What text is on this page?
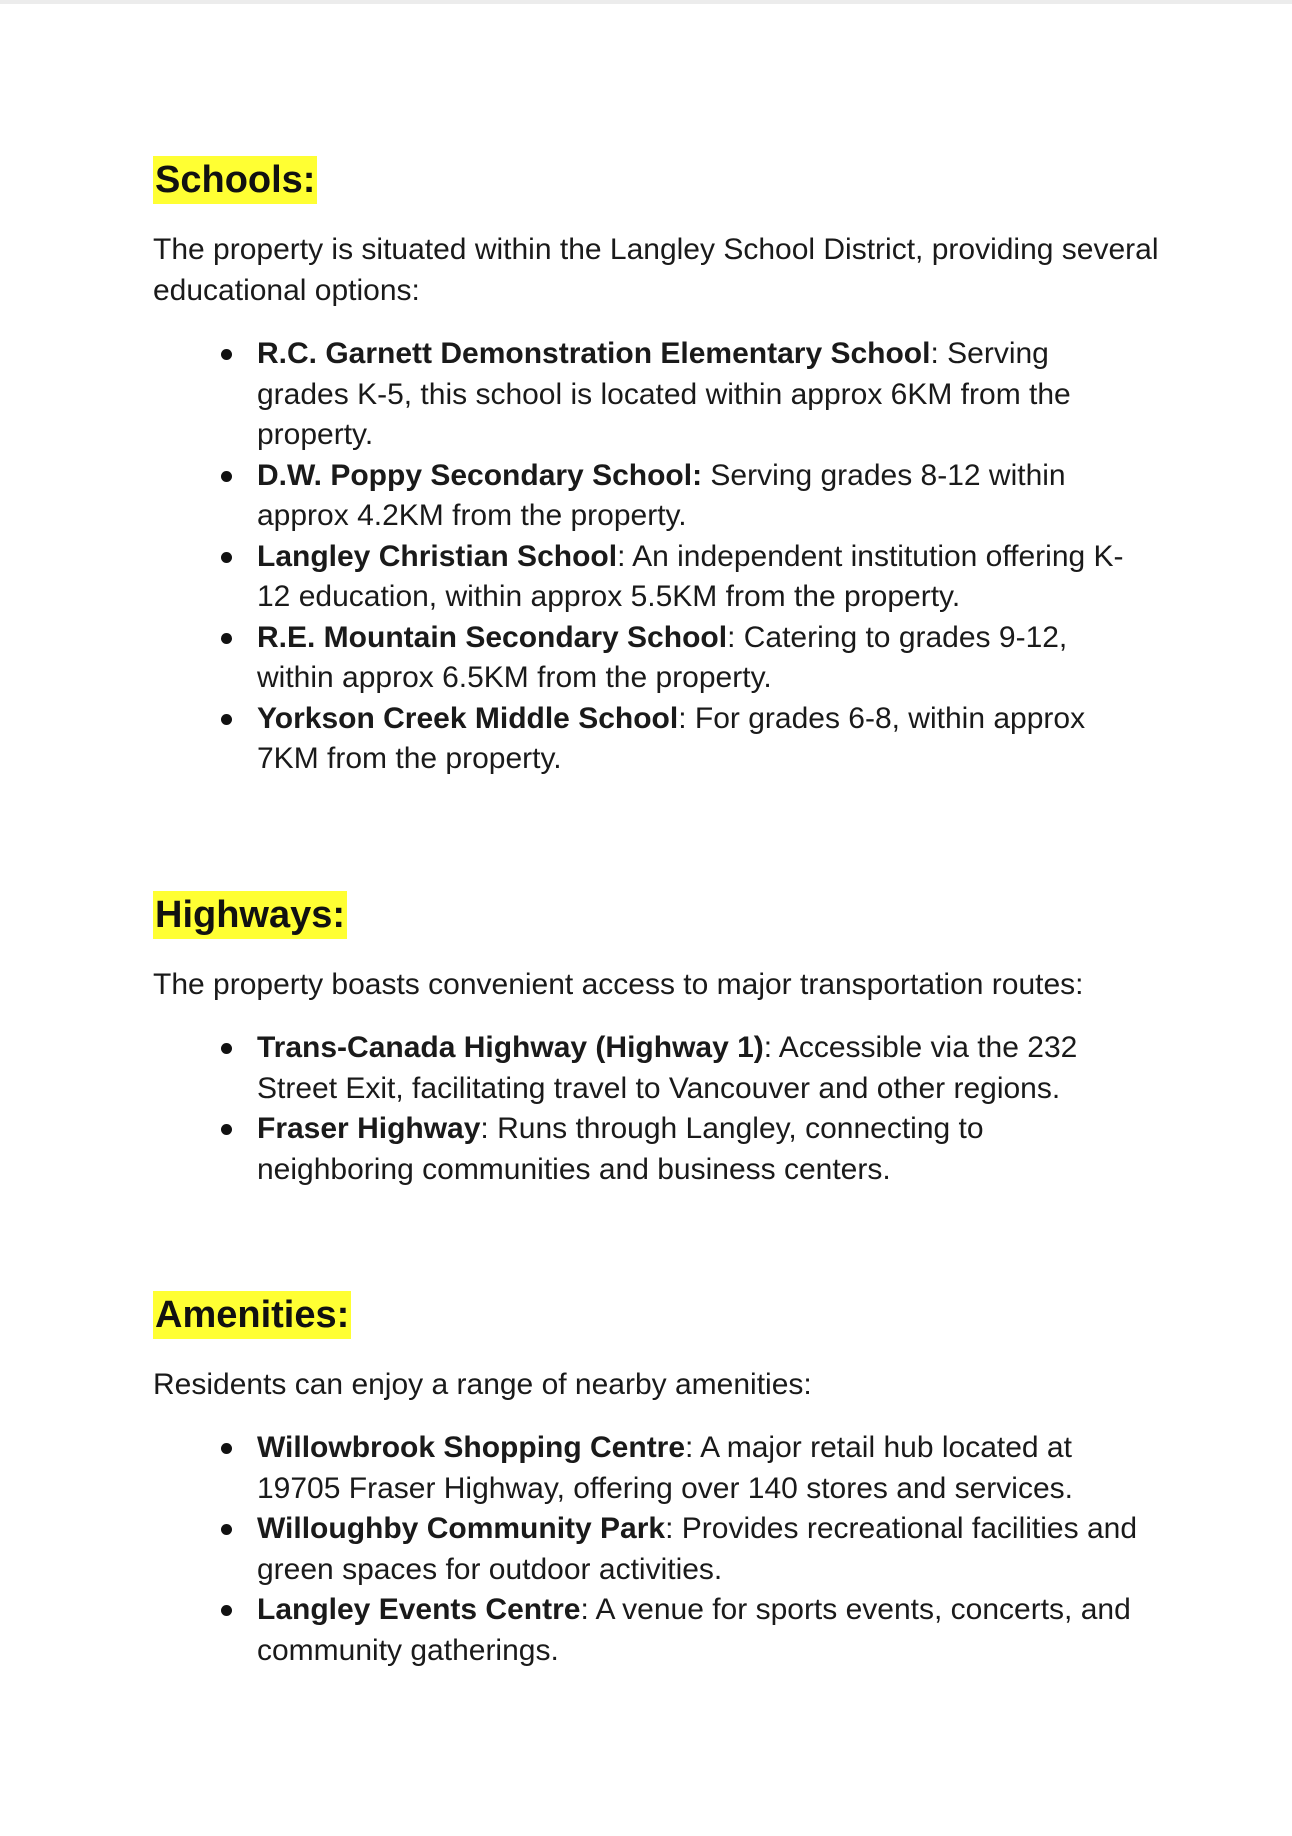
Schools:

The property is situated within the Langley School District, providing several educational options:

R.C. Garnett Demonstration Elementary School: Serving grades K-5, this school is located within approx 6KM from the property.
D.W. Poppy Secondary School: Serving grades 8-12 within approx 4.2KM from the property.
Langley Christian School: An independent institution offering K-12 education, within approx 5.5KM from the property.
R.E. Mountain Secondary School: Catering to grades 9-12, within approx 6.5KM from the property.
Yorkson Creek Middle School: For grades 6-8, within approx 7KM from the property.
Highways:

The property boasts convenient access to major transportation routes:

Trans-Canada Highway (Highway 1): Accessible via the 232 Street Exit, facilitating travel to Vancouver and other regions.
Fraser Highway: Runs through Langley, connecting to neighboring communities and business centers.
Amenities:

Residents can enjoy a range of nearby amenities:

Willowbrook Shopping Centre: A major retail hub located at 19705 Fraser Highway, offering over 140 stores and services.
Willoughby Community Park: Provides recreational facilities and green spaces for outdoor activities.
Langley Events Centre: A venue for sports events, concerts, and community gatherings.
